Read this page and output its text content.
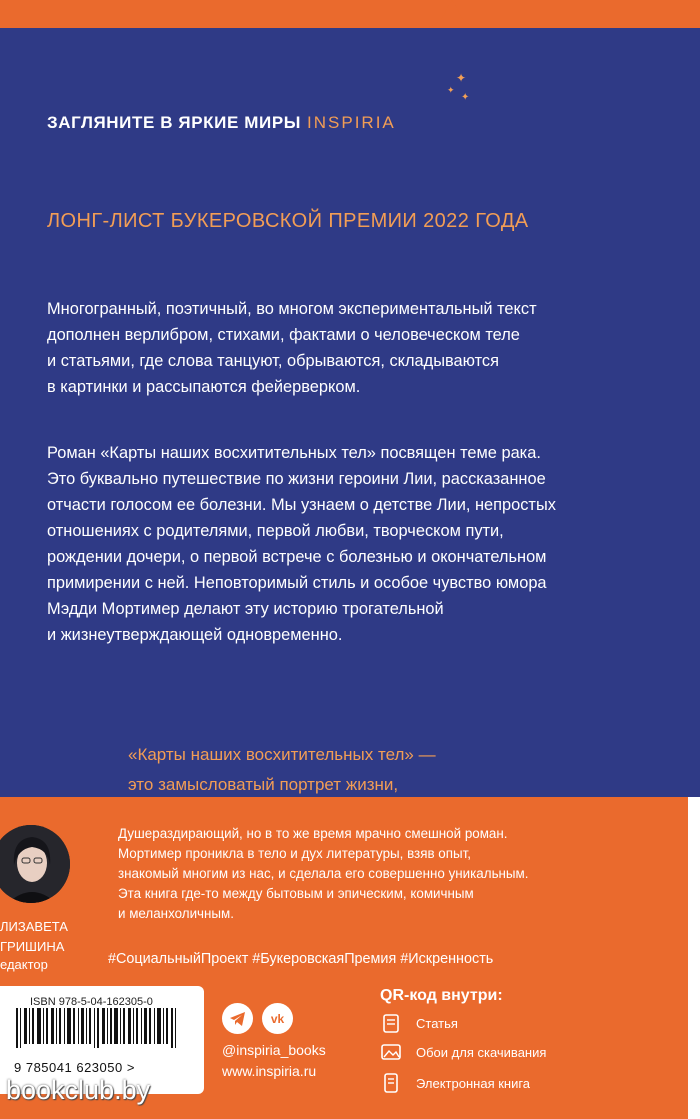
✦
✦
✦
ЗАГЛЯНИТЕ В ЯРКИЕ МИРЫ INSPIRIA
ЛОНГ-ЛИСТ БУКЕРОВСКОЙ ПРЕМИИ 2022 ГОДА
Многогранный, поэтичный, во многом экспериментальный текст
дополнен верлибром, стихами, фактами о человеческом теле
и статьями, где слова танцуют, обрываются, складываются
в картинки и рассыпаются фейерверком.
Роман «Карты наших восхитительных тел» посвящен теме рака.
Это буквально путешествие по жизни героини Лии, рассказанное
отчасти голосом ее болезни. Мы узнаем о детстве Лии, непростых
отношениях с родителями, первой любви, творческом пути,
рождении дочери, о первой встрече с болезнью и окончательном
примирении с ней. Неповторимый стиль и особое чувство юмора
Мэдди Мортимер делают эту историю трогательной
и жизнеутверждающей одновременно.
«Карты наших восхитительных тел» —
это замысловатый портрет жизни,
ЛИЗАВЕТА
ГРИШИНА
едактор
Душераздирающий, но в то же время мрачно смешной роман.
Мортимер проникла в тело и дух литературы, взяв опыт,
знакомый многим из нас, и сделала его совершенно уникальным.
Эта книга где-то между бытовым и эпическим, комичным
и меланхоличным.
#СоциальныйПроект #БукеровскаяПремия #Искренность
ISBN 978-5-04-162305-0
9 785041 623050 >
vk
@inspiria_books
www.inspiria.ru
QR-код внутри:
Статья
Обои для скачивания
Электронная книга
bookclub.by
